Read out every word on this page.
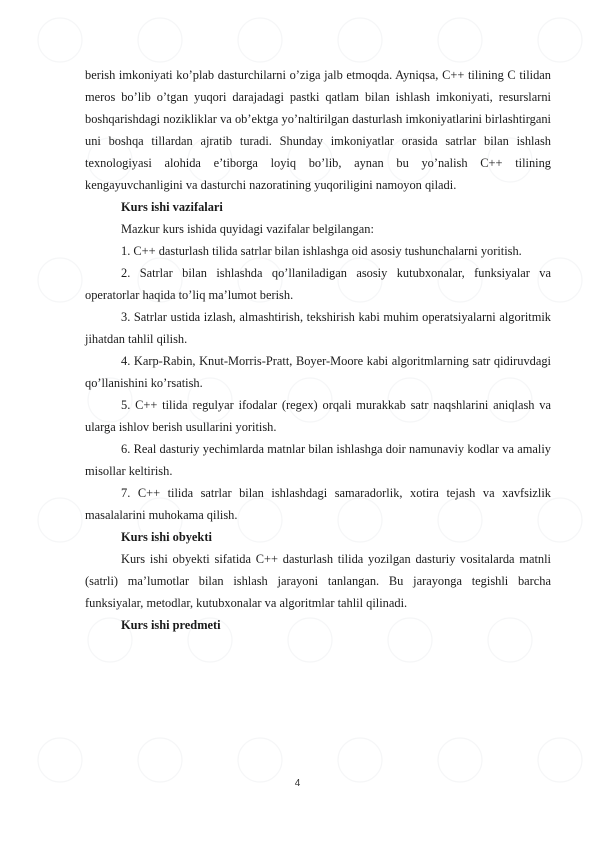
berish imkoniyati ko’plab dasturchilarni o’ziga jalb etmoqda. Ayniqsa, C++ tilining C tilidan meros bo’lib o’tgan yuqori darajadagi pastki qatlam bilan ishlash imkoniyati, resurslarni boshqarishdagi nozikliklar va ob’ektga yo’naltirilgan dasturlash imkoniyatlarini birlashtirgani uni boshqa tillardan ajratib turadi. Shunday imkoniyatlar orasida satrlar bilan ishlash texnologiyasi alohida e’tiborga loyiq bo’lib, aynan bu yo’nalish C++ tilining kengayuvchanligini va dasturchi nazoratining yuqoriligini namoyon qiladi.

Kurs ishi vazifalari

Mazkur kurs ishida quyidagi vazifalar belgilangan:

1. C++ dasturlash tilida satrlar bilan ishlashga oid asosiy tushunchalarni yoritish.

2. Satrlar bilan ishlashda qo’llaniladigan asosiy kutubxonalar, funksiyalar va operatorlar haqida to’liq ma’lumot berish.

3. Satrlar ustida izlash, almashtirish, tekshirish kabi muhim operatsiyalarni algoritmik jihatdan tahlil qilish.

4. Karp-Rabin, Knut-Morris-Pratt, Boyer-Moore kabi algoritmlarning satr qidiruvdagi qo’llanishini ko’rsatish.

5. C++ tilida regulyar ifodalar (regex) orqali murakkab satr naqshlarini aniqlash va ularga ishlov berish usullarini yoritish.

6. Real dasturiy yechimlarda matnlar bilan ishlashga doir namunaviy kodlar va amaliy misollar keltirish.

7. C++ tilida satrlar bilan ishlashdagi samaradorlik, xotira tejash va xavfsizlik masalalarini muhokama qilish.

Kurs ishi obyekti

Kurs ishi obyekti sifatida C++ dasturlash tilida yozilgan dasturiy vositalarda matnli (satrli) ma’lumotlar bilan ishlash jarayoni tanlangan. Bu jarayonga tegishli barcha funksiyalar, metodlar, kutubxonalar va algoritmlar tahlil qilinadi.

Kurs ishi predmeti

4
